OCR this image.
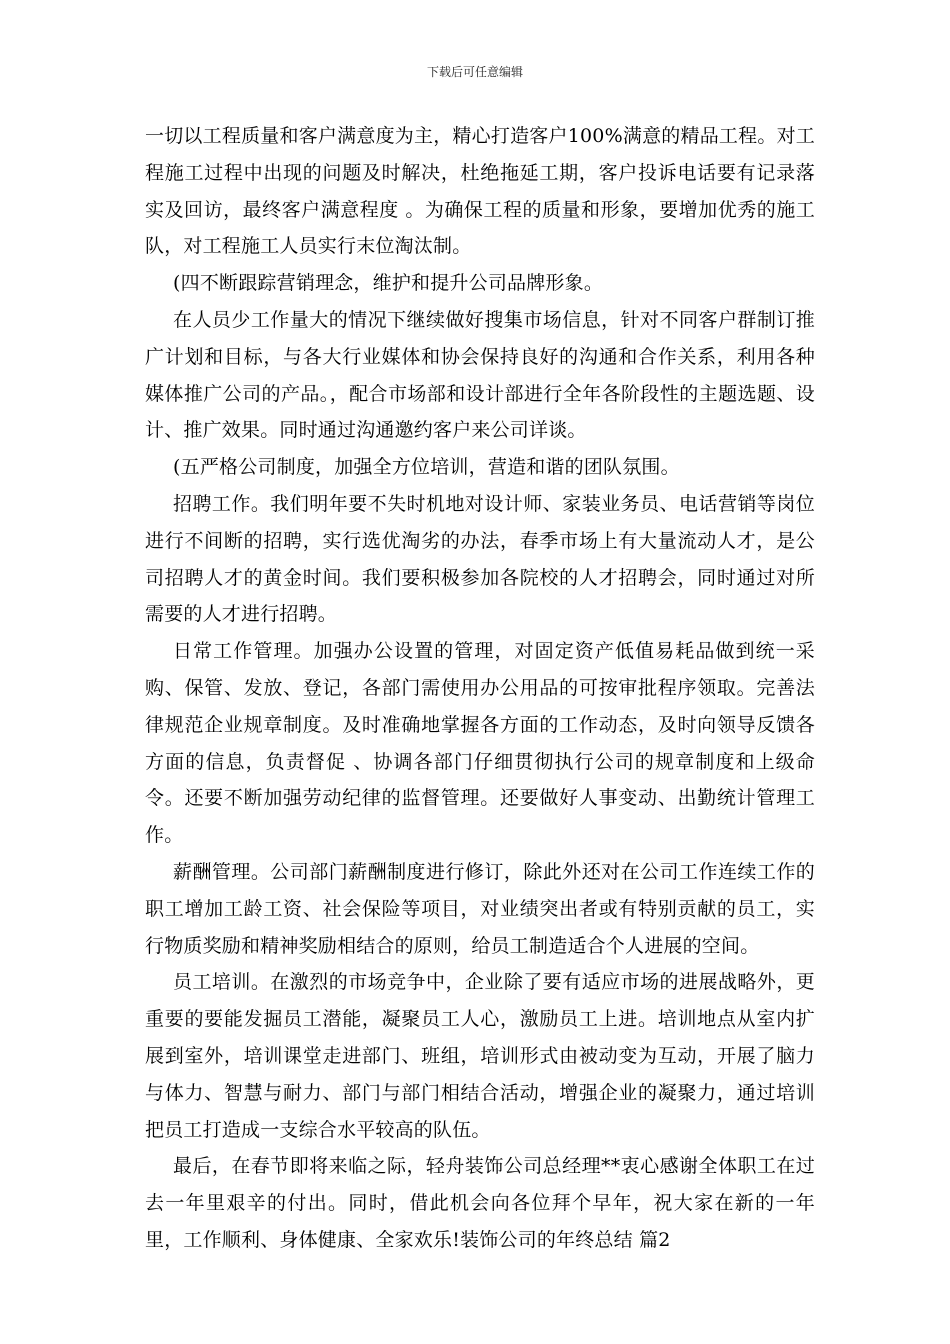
下载后可任意编辑

一切以工程质量和客户满意度为主，精心打造客户100%满意的精品工程。对工程施工过程中出现的问题及时解决，杜绝拖延工期，客户投诉电话要有记录落实及回访，最终客户满意程度 。为确保工程的质量和形象，要增加优秀的施工队，对工程施工人员实行末位淘汰制。

(四不断跟踪营销理念，维护和提升公司品牌形象。

在人员少工作量大的情况下继续做好搜集市场信息，针对不同客户群制订推广计划和目标，与各大行业媒体和协会保持良好的沟通和合作关系，利用各种媒体推广公司的产品。，配合市场部和设计部进行全年各阶段性的主题选题、设计、推广效果。同时通过沟通邀约客户来公司详谈。

(五严格公司制度，加强全方位培训，营造和谐的团队氛围。

招聘工作。我们明年要不失时机地对设计师、家装业务员、电话营销等岗位进行不间断的招聘，实行选优淘劣的办法，春季市场上有大量流动人才，是公司招聘人才的黄金时间。我们要积极参加各院校的人才招聘会，同时通过对所需要的人才进行招聘。

日常工作管理。加强办公设置的管理，对固定资产低值易耗品做到统一采购、保管、发放、登记，各部门需使用办公用品的可按审批程序领取。完善法律规范企业规章制度。及时准确地掌握各方面的工作动态，及时向领导反馈各方面的信息，负责督促 、协调各部门仔细贯彻执行公司的规章制度和上级命令。还要不断加强劳动纪律的监督管理。还要做好人事变动、出勤统计管理工作。

薪酬管理。公司部门薪酬制度进行修订，除此外还对在公司工作连续工作的职工增加工龄工资、社会保险等项目，对业绩突出者或有特别贡献的员工，实行物质奖励和精神奖励相结合的原则，给员工制造适合个人进展的空间。

员工培训。在激烈的市场竞争中，企业除了要有适应市场的进展战略外，更重要的要能发掘员工潜能，凝聚员工人心，激励员工上进。培训地点从室内扩展到室外，培训课堂走进部门、班组，培训形式由被动变为互动，开展了脑力与体力、智慧与耐力、部门与部门相结合活动，增强企业的凝聚力，通过培训把员工打造成一支综合水平较高的队伍。

最后，在春节即将来临之际，轻舟装饰公司总经理**衷心感谢全体职工在过去一年里艰辛的付出。同时，借此机会向各位拜个早年，祝大家在新的一年里，工作顺利、身体健康、全家欢乐!装饰公司的年终总结 篇2
